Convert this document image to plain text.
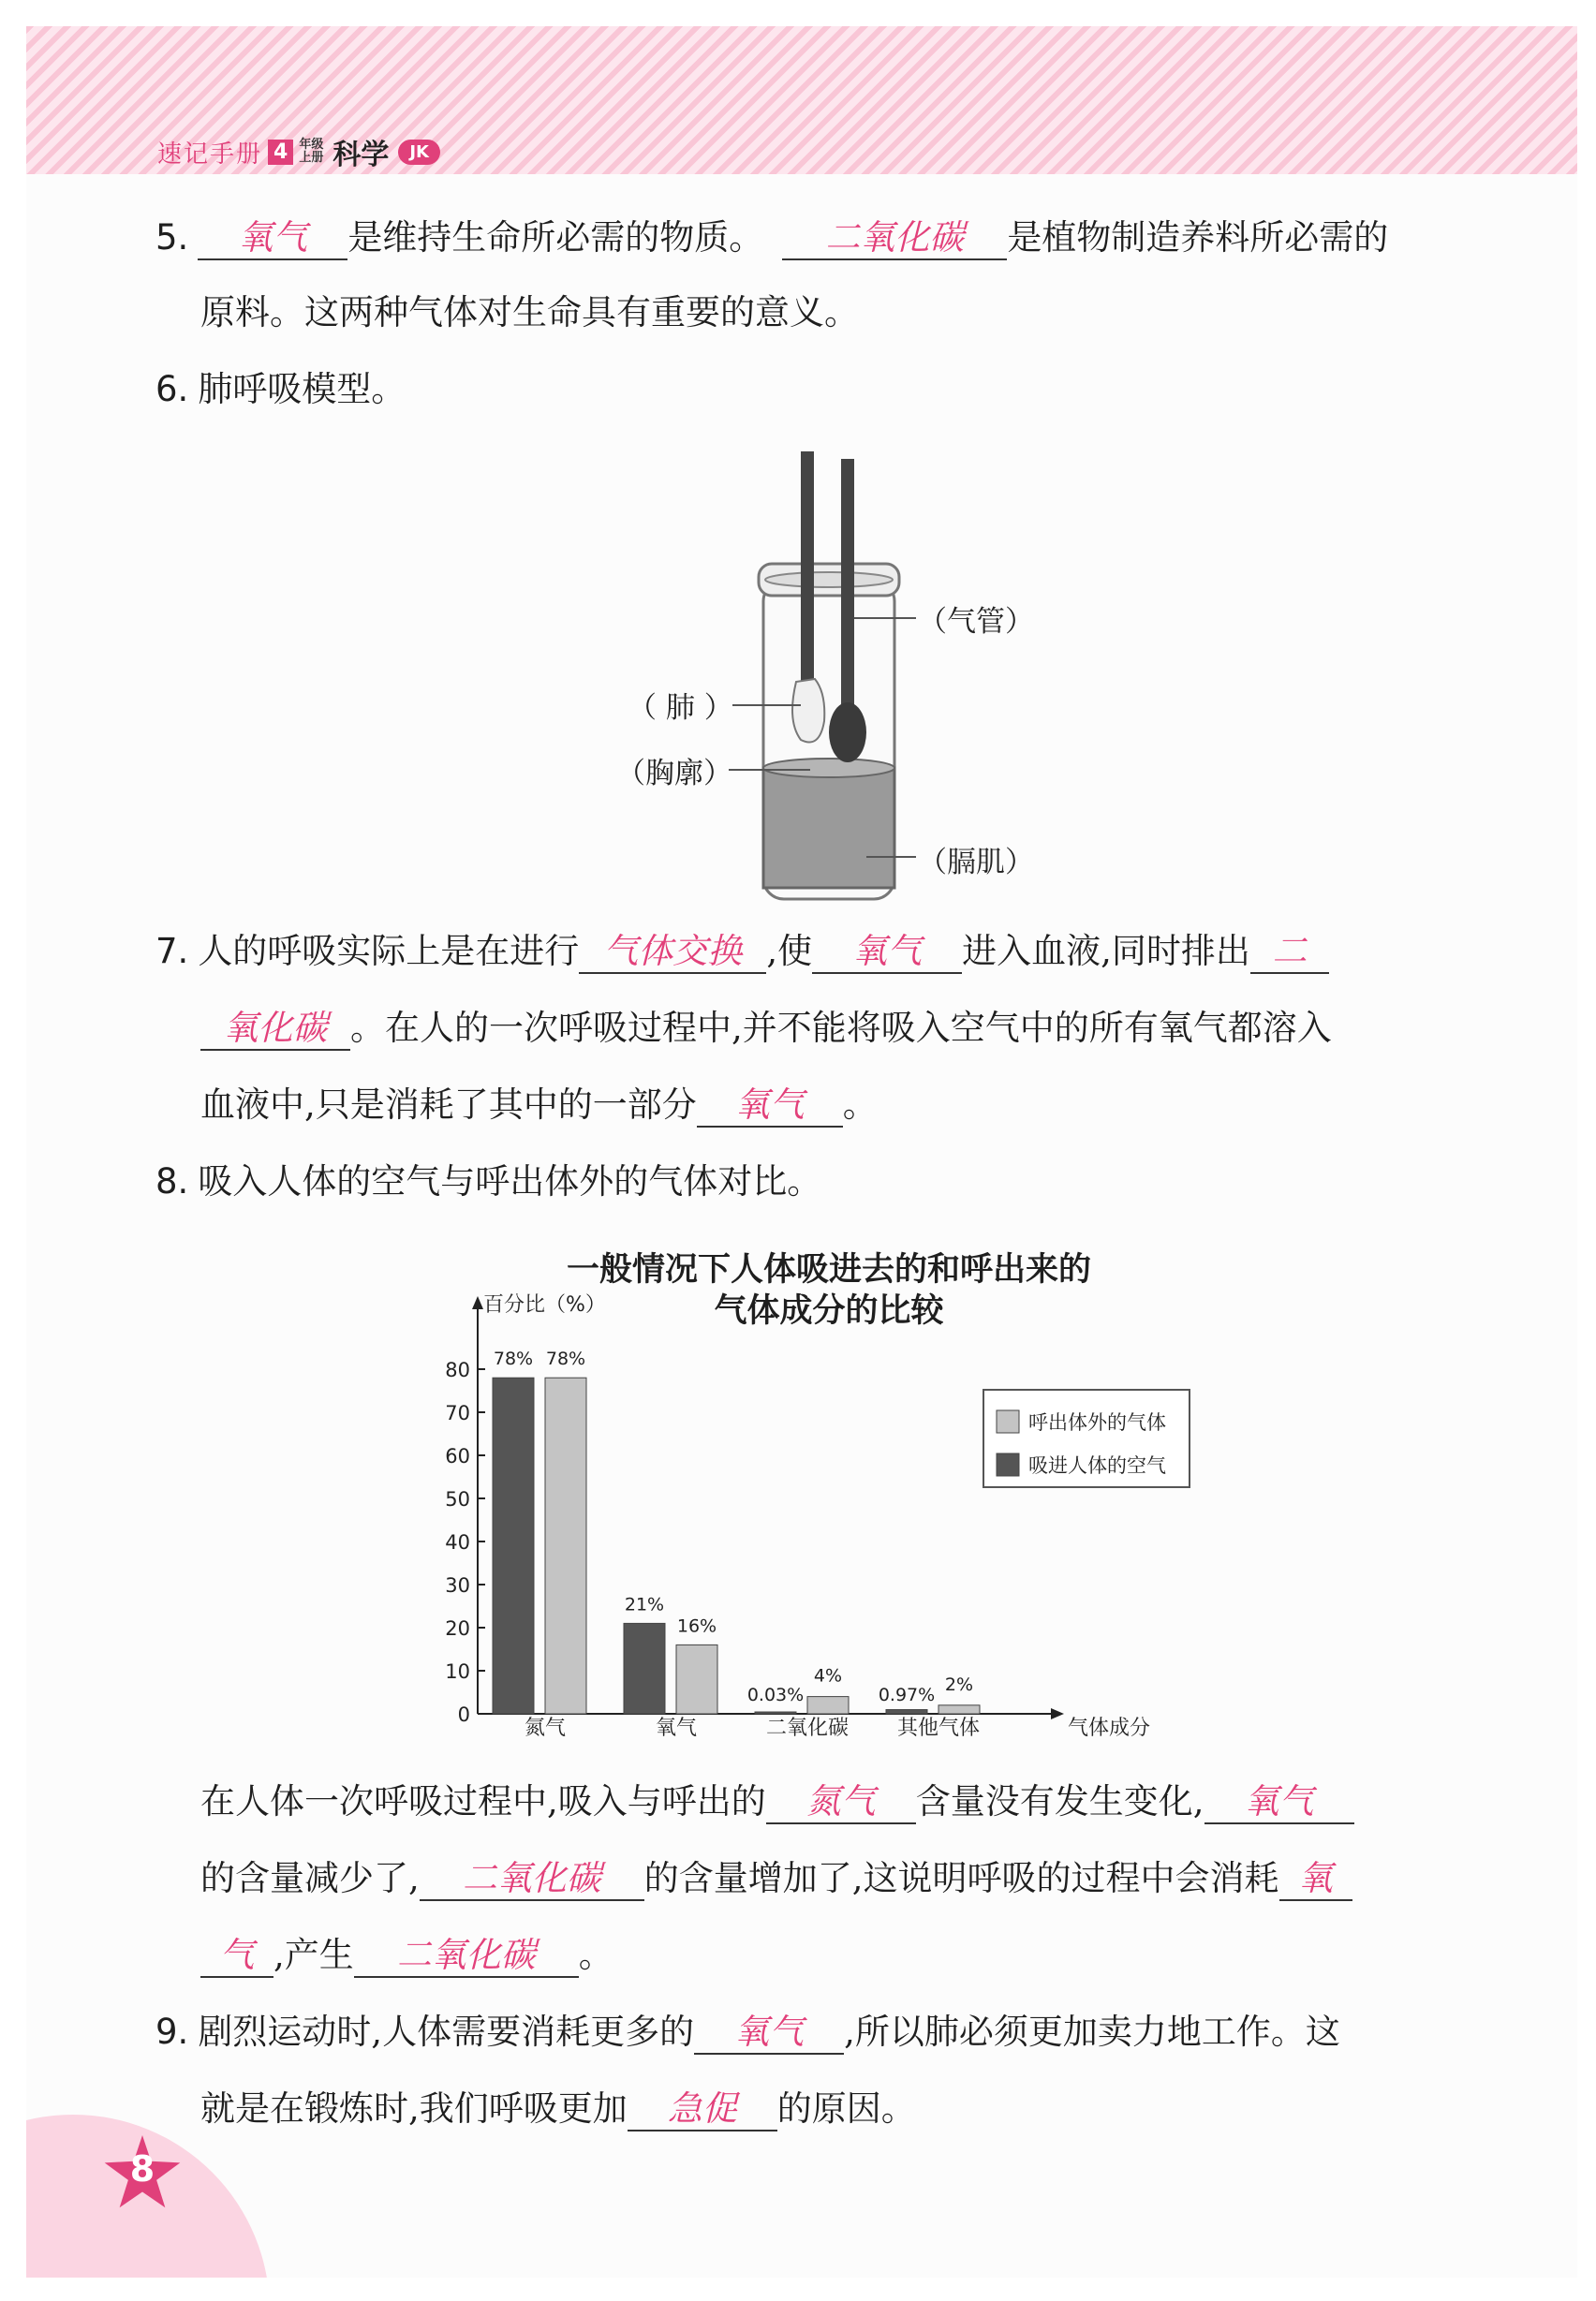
速记手册 4 年级
上册 科学	JK
8
5. 氧气 是维持生命所必需的物质。 二氧化碳 是植物制造养料所必需的
原料。这两种气体对生命具有重要的意义。
6. 肺呼吸模型。
（气管）
（ 肺 ）
（胸廓）
（膈肌）
7. 人的呼吸实际上是在进行 气体交换 ,使 氧气 进入血液,同时排出 二
氧化碳 。在人的一次呼吸过程中,并不能将吸入空气中的所有氧气都溶入
血液中,只是消耗了其中的一部分 氧气 。
8. 吸入人体的空气与呼出体外的气体对比。
一般情况下人体吸进去的和呼出来的
气体成分的比较
百分比（%）
气体成分
0
10
20
30
40
50
60
70
80 78% 78%
氮气
21%
16%
氧气
0.03%
4%
二氧化碳
0.97%
2%
其他气体
呼出体外的气体
吸进人体的空气
在人体一次呼吸过程中,吸入与呼出的 氮气 含量没有发生变化, 氧气
的含量减少了, 二氧化碳 的含量增加了,这说明呼吸的过程中会消耗 氧
气 ,产生 二氧化碳 。
9. 剧烈运动时,人体需要消耗更多的 氧气 ,所以肺必须更加卖力地工作。这
就是在锻炼时,我们呼吸更加 急促 的原因。
